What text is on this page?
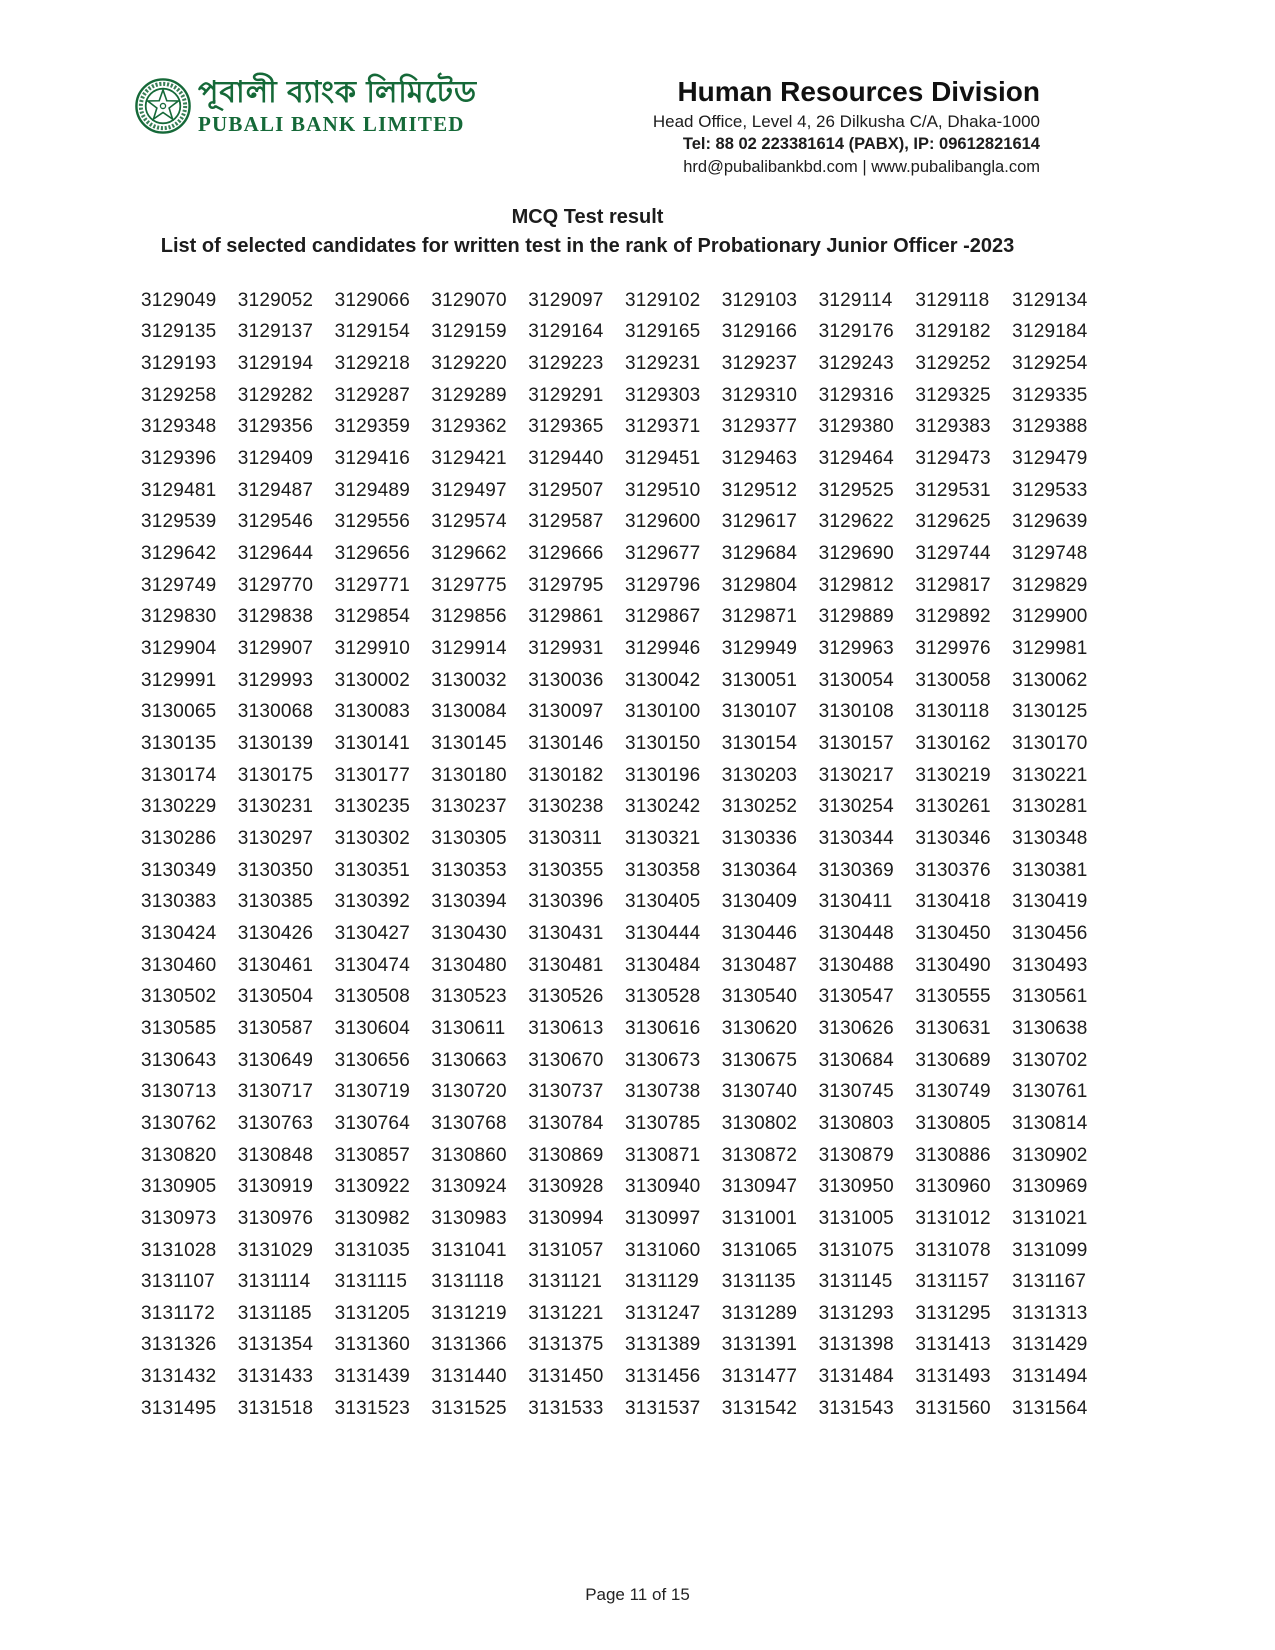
পূবালী ব্যাংক লিমিটেড
PUBALI BANK LIMITED
Human Resources Division
Head Office, Level 4, 26 Dilkusha C/A, Dhaka-1000
Tel: 88 02 223381614 (PABX), IP: 09612821614
hrd@pubalibankbd.com | www.pubalibangla.com
MCQ Test result
List of selected candidates for written test in the rank of Probationary Junior Officer -2023
3129049	3129052	3129066	3129070	3129097	3129102	3129103	3129114	3129118	3129134
3129135	3129137	3129154	3129159	3129164	3129165	3129166	3129176	3129182	3129184
3129193	3129194	3129218	3129220	3129223	3129231	3129237	3129243	3129252	3129254
3129258	3129282	3129287	3129289	3129291	3129303	3129310	3129316	3129325	3129335
3129348	3129356	3129359	3129362	3129365	3129371	3129377	3129380	3129383	3129388
3129396	3129409	3129416	3129421	3129440	3129451	3129463	3129464	3129473	3129479
3129481	3129487	3129489	3129497	3129507	3129510	3129512	3129525	3129531	3129533
3129539	3129546	3129556	3129574	3129587	3129600	3129617	3129622	3129625	3129639
3129642	3129644	3129656	3129662	3129666	3129677	3129684	3129690	3129744	3129748
3129749	3129770	3129771	3129775	3129795	3129796	3129804	3129812	3129817	3129829
3129830	3129838	3129854	3129856	3129861	3129867	3129871	3129889	3129892	3129900
3129904	3129907	3129910	3129914	3129931	3129946	3129949	3129963	3129976	3129981
3129991	3129993	3130002	3130032	3130036	3130042	3130051	3130054	3130058	3130062
3130065	3130068	3130083	3130084	3130097	3130100	3130107	3130108	3130118	3130125
3130135	3130139	3130141	3130145	3130146	3130150	3130154	3130157	3130162	3130170
3130174	3130175	3130177	3130180	3130182	3130196	3130203	3130217	3130219	3130221
3130229	3130231	3130235	3130237	3130238	3130242	3130252	3130254	3130261	3130281
3130286	3130297	3130302	3130305	3130311	3130321	3130336	3130344	3130346	3130348
3130349	3130350	3130351	3130353	3130355	3130358	3130364	3130369	3130376	3130381
3130383	3130385	3130392	3130394	3130396	3130405	3130409	3130411	3130418	3130419
3130424	3130426	3130427	3130430	3130431	3130444	3130446	3130448	3130450	3130456
3130460	3130461	3130474	3130480	3130481	3130484	3130487	3130488	3130490	3130493
3130502	3130504	3130508	3130523	3130526	3130528	3130540	3130547	3130555	3130561
3130585	3130587	3130604	3130611	3130613	3130616	3130620	3130626	3130631	3130638
3130643	3130649	3130656	3130663	3130670	3130673	3130675	3130684	3130689	3130702
3130713	3130717	3130719	3130720	3130737	3130738	3130740	3130745	3130749	3130761
3130762	3130763	3130764	3130768	3130784	3130785	3130802	3130803	3130805	3130814
3130820	3130848	3130857	3130860	3130869	3130871	3130872	3130879	3130886	3130902
3130905	3130919	3130922	3130924	3130928	3130940	3130947	3130950	3130960	3130969
3130973	3130976	3130982	3130983	3130994	3130997	3131001	3131005	3131012	3131021
3131028	3131029	3131035	3131041	3131057	3131060	3131065	3131075	3131078	3131099
3131107	3131114	3131115	3131118	3131121	3131129	3131135	3131145	3131157	3131167
3131172	3131185	3131205	3131219	3131221	3131247	3131289	3131293	3131295	3131313
3131326	3131354	3131360	3131366	3131375	3131389	3131391	3131398	3131413	3131429
3131432	3131433	3131439	3131440	3131450	3131456	3131477	3131484	3131493	3131494
3131495	3131518	3131523	3131525	3131533	3131537	3131542	3131543	3131560	3131564
Page 11 of 15
